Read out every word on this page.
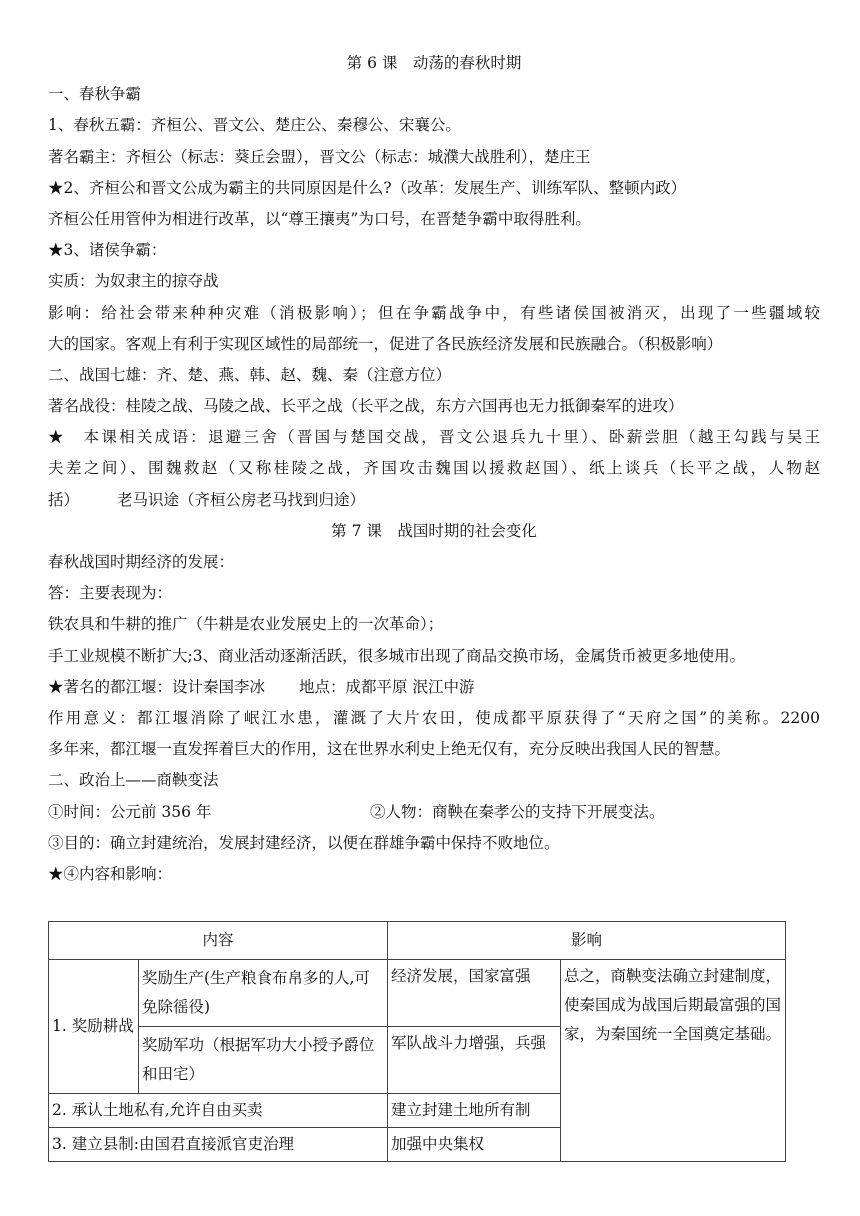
第 6 课　动荡的春秋时期
一、春秋争霸
1、春秋五霸：齐桓公、晋文公、楚庄公、秦穆公、宋襄公。
著名霸主：齐桓公（标志：葵丘会盟），晋文公（标志：城濮大战胜利），楚庄王
★2、齐桓公和晋文公成为霸主的共同原因是什么?（改革：发展生产、训练军队、整顿内政）
齐桓公任用管仲为相进行改革，以“尊王攘夷”为口号，在晋楚争霸中取得胜利。
★3、诸侯争霸：
实质：为奴隶主的掠夺战
影响：给社会带来种种灾难（消极影响）；但在争霸战争中，有些诸侯国被消灭，出现了一些疆域较
大的国家。客观上有利于实现区域性的局部统一，促进了各民族经济发展和民族融合。（积极影响）
二、战国七雄：齐、楚、燕、韩、赵、魏、秦（注意方位）
著名战役：桂陵之战、马陵之战、长平之战（长平之战，东方六国再也无力抵御秦军的进攻）
★　本课相关成语：退避三舍（晋国与楚国交战，晋文公退兵九十里）、卧薪尝胆（越王勾践与吴王
夫差之间）、围魏救赵（又称桂陵之战，齐国攻击魏国以援救赵国）、纸上谈兵（长平之战，人物赵
括） 老马识途（齐桓公房老马找到归途）
第 7 课　战国时期的社会变化
春秋战国时期经济的发展：
答：主要表现为：
铁农具和牛耕的推广（牛耕是农业发展史上的一次革命）；
手工业规模不断扩大;3、商业活动逐渐活跃，很多城市出现了商品交换市场，金属货币被更多地使用。
★著名的都江堰：设计秦国李冰 地点：成都平原 泯江中游
作用意义：都江堰消除了岷江水患，灌溉了大片农田，使成都平原获得了“天府之国”的美称。2200
多年来，都江堰一直发挥着巨大的作用，这在世界水利史上绝无仅有，充分反映出我国人民的智慧。
二、政治上——商鞅变法
①时间：公元前 356 年	②人物：商鞅在秦孝公的支持下开展变法。
③目的：确立封建统治，发展封建经济，以便在群雄争霸中保持不败地位。
★④内容和影响：
内容		影响	
1. 奖励耕战	奖励生产(生产粮食布帛多的人,可免除徭役)	经济发展，国家富强	总之，商鞅变法确立封建制度，使秦国成为战国后期最富强的国家，为秦国统一全国奠定基础。
	奖励军功（根据军功大小授予爵位和田宅）	军队战斗力增强，兵强	
2. 承认土地私有,允许自由买卖		建立封建土地所有制	
3. 建立县制:由国君直接派官吏治理		加强中央集权	
